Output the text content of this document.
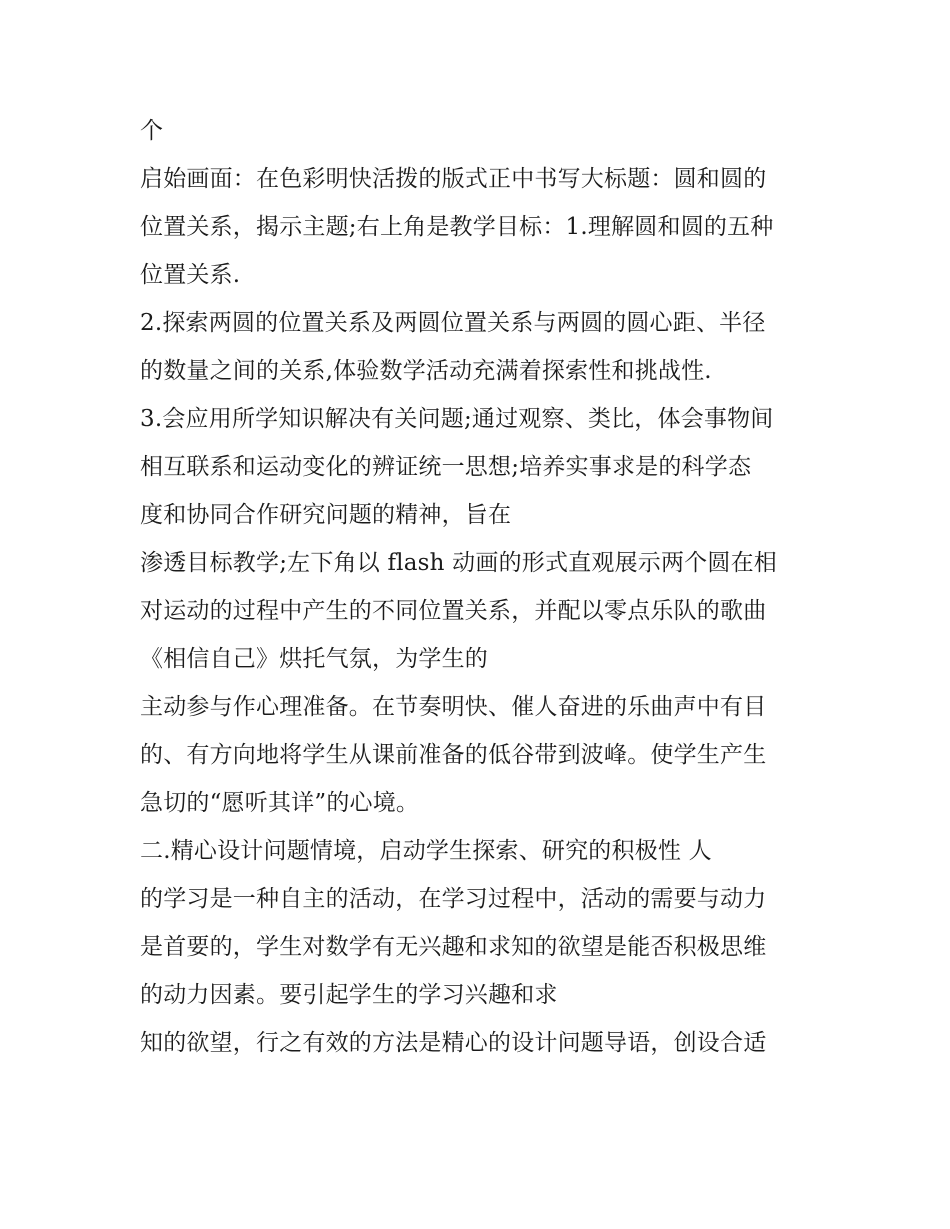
个
启始画面：在色彩明快活拨的版式正中书写大标题：圆和圆的
位置关系，揭示主题;右上角是教学目标：1.理解圆和圆的五种
位置关系.
2.探索两圆的位置关系及两圆位置关系与两圆的圆心距、半径
的数量之间的关系,体验数学活动充满着探索性和挑战性.
3.会应用所学知识解决有关问题;通过观察、类比，体会事物间
相互联系和运动变化的辨证统一思想;培养实事求是的科学态
度和协同合作研究问题的精神，旨在
渗透目标教学;左下角以 flash 动画的形式直观展示两个圆在相
对运动的过程中产生的不同位置关系，并配以零点乐队的歌曲
《相信自己》烘托气氛，为学生的
主动参与作心理准备。在节奏明快、催人奋进的乐曲声中有目
的、有方向地将学生从课前准备的低谷带到波峰。使学生产生
急切的“愿听其详”的心境。
二.精心设计问题情境，启动学生探索、研究的积极性 人
的学习是一种自主的活动，在学习过程中，活动的需要与动力
是首要的，学生对数学有无兴趣和求知的欲望是能否积极思维
的动力因素。要引起学生的学习兴趣和求
知的欲望，行之有效的方法是精心的设计问题导语，创设合适
